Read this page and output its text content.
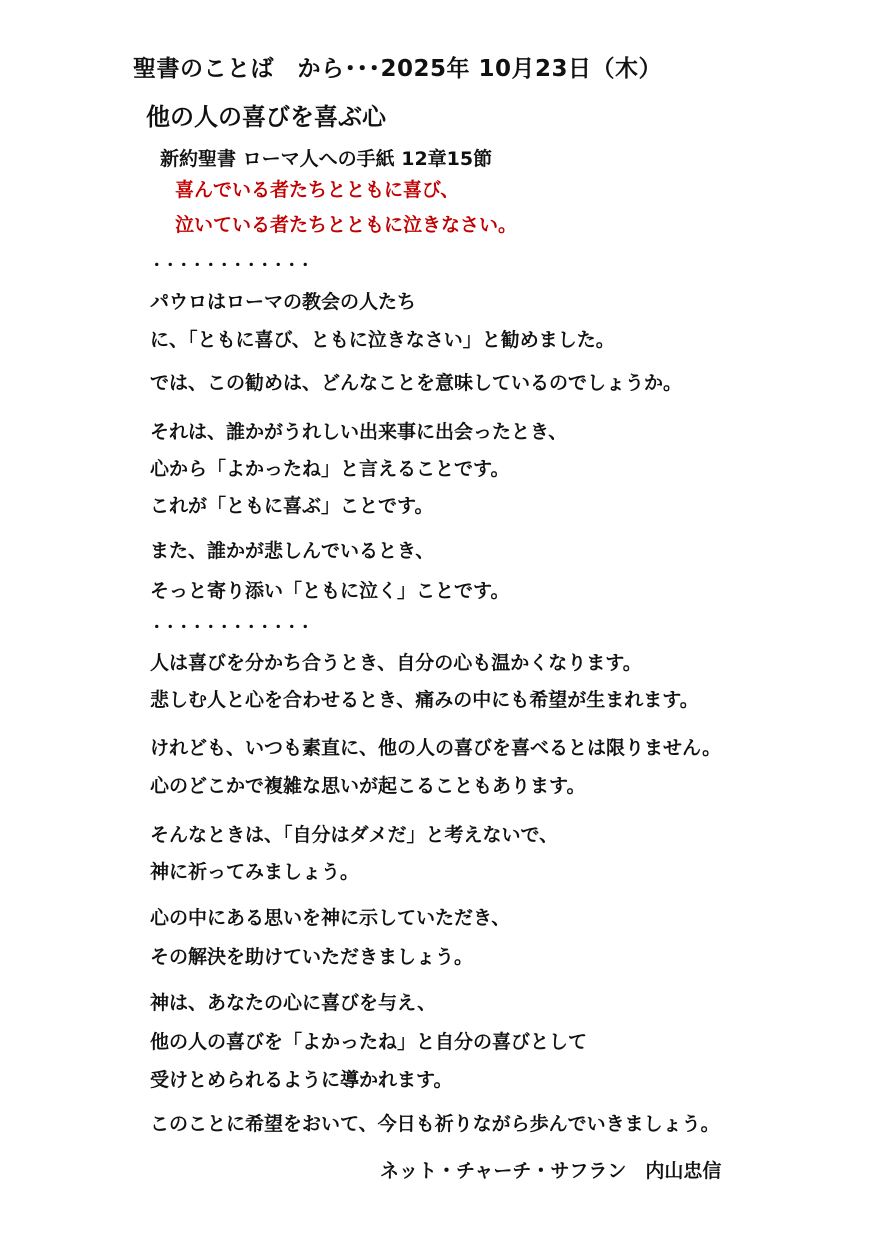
聖書のことば　から･･･2025年 10月23日（木）
他の人の喜びを喜ぶ心
新約聖書 ローマ人への手紙 12章15節
喜んでいる者たちとともに喜び、
泣いている者たちとともに泣きなさい。
････････････
パウロはローマの教会の人たち
に、「ともに喜び、ともに泣きなさい」と勧めました。
では、この勧めは、どんなことを意味しているのでしょうか。
それは、誰かがうれしい出来事に出会ったとき、
心から「よかったね」と言えることです。
これが「ともに喜ぶ」ことです。
また、誰かが悲しんでいるとき、
そっと寄り添い「ともに泣く」ことです。
････････････
人は喜びを分かち合うとき、自分の心も温かくなります。
悲しむ人と心を合わせるとき、痛みの中にも希望が生まれます。
けれども、いつも素直に、他の人の喜びを喜べるとは限りません。
心のどこかで複雑な思いが起こることもあります。
そんなときは、「自分はダメだ」と考えないで、
神に祈ってみましょう。
心の中にある思いを神に示していただき、
その解決を助けていただきましょう。
神は、あなたの心に喜びを与え、
他の人の喜びを「よかったね」と自分の喜びとして
受けとめられるように導かれます。
このことに希望をおいて、今日も祈りながら歩んでいきましょう。
ネット・チャーチ・サフラン　内山忠信
